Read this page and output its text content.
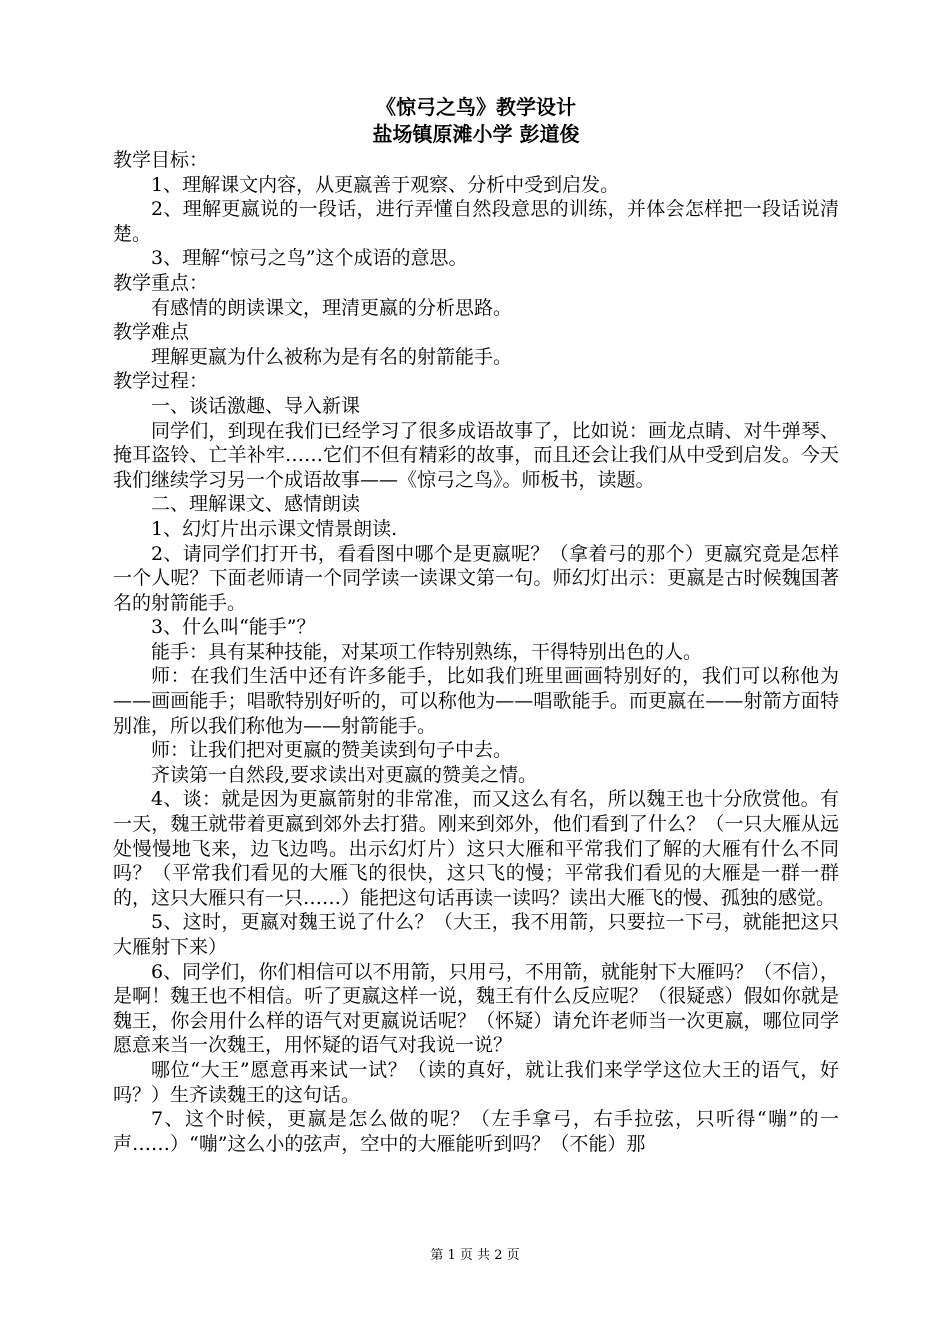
《惊弓之鸟》教学设计

盐场镇原滩小学 彭道俊

教学目标：

1、理解课文内容，从更嬴善于观察、分析中受到启发。

2、理解更嬴说的一段话，进行弄懂自然段意思的训练，并体会怎样把一段话说清楚。

3、理解“惊弓之鸟”这个成语的意思。

教学重点：

有感情的朗读课文，理清更嬴的分析思路。

教学难点

理解更嬴为什么被称为是有名的射箭能手。

教学过程：

一、谈话激趣、导入新课

同学们，到现在我们已经学习了很多成语故事了，比如说：画龙点睛、对牛弹琴、掩耳盗铃、亡羊补牢……它们不但有精彩的故事，而且还会让我们从中受到启发。今天我们继续学习另一个成语故事——《惊弓之鸟》。师板书，读题。

二、理解课文、感情朗读

1、幻灯片出示课文情景朗读.

2、请同学们打开书，看看图中哪个是更嬴呢？（拿着弓的那个）更嬴究竟是怎样一个人呢？下面老师请一个同学读一读课文第一句。师幻灯出示：更嬴是古时候魏国著名的射箭能手。

3、什么叫“能手”？

能手：具有某种技能，对某项工作特别熟练，干得特别出色的人。

师：在我们生活中还有许多能手，比如我们班里画画特别好的，我们可以称他为——画画能手；唱歌特别好听的，可以称他为——唱歌能手。而更嬴在——射箭方面特别准，所以我们称他为——射箭能手。

师：让我们把对更嬴的赞美读到句子中去。

齐读第一自然段,要求读出对更嬴的赞美之情。

4、谈：就是因为更嬴箭射的非常准，而又这么有名，所以魏王也十分欣赏他。有一天，魏王就带着更嬴到郊外去打猎。刚来到郊外，他们看到了什么？（一只大雁从远处慢慢地飞来，边飞边鸣。出示幻灯片）这只大雁和平常我们了解的大雁有什么不同吗？（平常我们看见的大雁飞的很快，这只飞的慢；平常我们看见的大雁是一群一群的，这只大雁只有一只……）能把这句话再读一读吗？读出大雁飞的慢、孤独的感觉。

5、这时，更嬴对魏王说了什么？（大王，我不用箭，只要拉一下弓，就能把这只大雁射下来）

6、同学们，你们相信可以不用箭，只用弓，不用箭，就能射下大雁吗？（不信），是啊！魏王也不相信。听了更嬴这样一说，魏王有什么反应呢？（很疑惑）假如你就是魏王，你会用什么样的语气对更嬴说话呢？（怀疑）请允许老师当一次更嬴，哪位同学愿意来当一次魏王，用怀疑的语气对我说一说？

哪位“大王”愿意再来试一试？（读的真好，就让我们来学学这位大王的语气，好吗？）生齐读魏王的这句话。

7、这个时候，更嬴是怎么做的呢？（左手拿弓，右手拉弦，只听得“嘣”的一声……）“嘣”这么小的弦声，空中的大雁能听到吗？（不能）那

第 1 页 共 2 页
